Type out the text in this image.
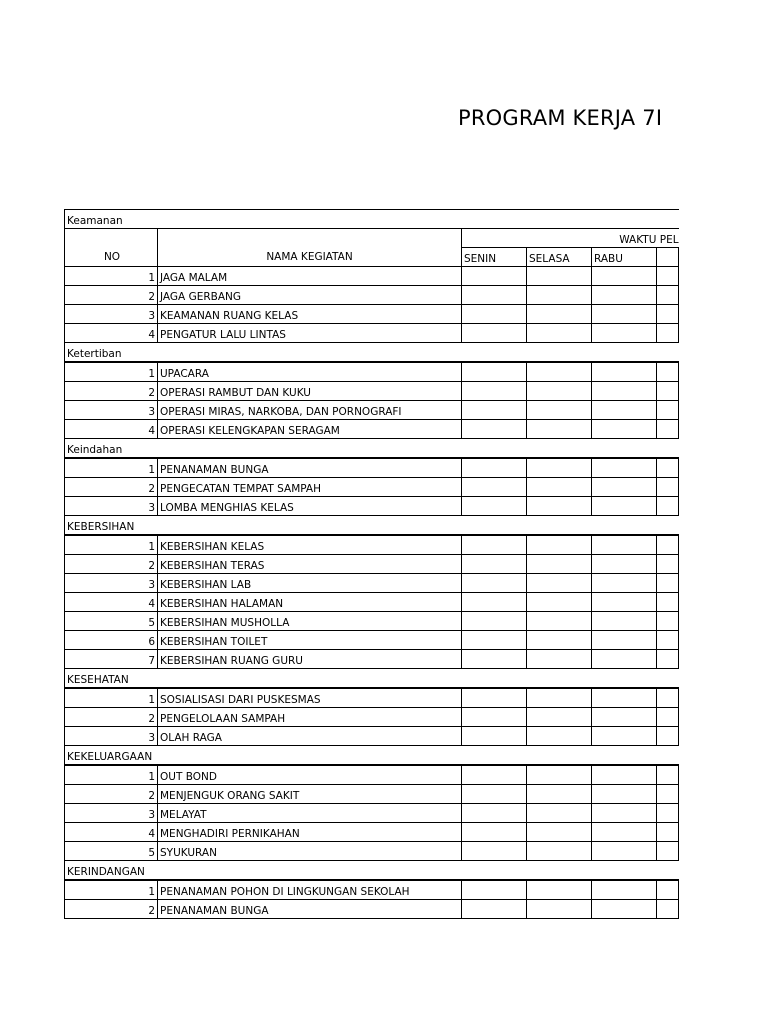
PROGRAM KERJA 7I
Keamanan					
NO	NAMA KEGIATAN	WAKTU PEL			
		SENIN	SELASA	RABU	
1	JAGA MALAM				
2	JAGA GERBANG				
3	KEAMANAN RUANG KELAS				
4	PENGATUR LALU LINTAS				
Ketertiban					
1	UPACARA				
2	OPERASI RAMBUT DAN KUKU				
3	OPERASI MIRAS, NARKOBA, DAN PORNOGRAFI				
4	OPERASI KELENGKAPAN SERAGAM				
Keindahan					
1	PENANAMAN BUNGA				
2	PENGECATAN TEMPAT SAMPAH				
3	LOMBA MENGHIAS KELAS				
KEBERSIHAN					
1	KEBERSIHAN KELAS				
2	KEBERSIHAN TERAS				
3	KEBERSIHAN LAB				
4	KEBERSIHAN HALAMAN				
5	KEBERSIHAN MUSHOLLA				
6	KEBERSIHAN TOILET				
7	KEBERSIHAN RUANG GURU				
KESEHATAN					
1	SOSIALISASI DARI PUSKESMAS				
2	PENGELOLAAN SAMPAH				
3	OLAH RAGA				
KEKELUARGAAN					
1	OUT BOND				
2	MENJENGUK ORANG SAKIT				
3	MELAYAT				
4	MENGHADIRI PERNIKAHAN				
5	SYUKURAN				
KERINDANGAN					
1	PENANAMAN POHON DI LINGKUNGAN SEKOLAH				
2	PENANAMAN BUNGA				
